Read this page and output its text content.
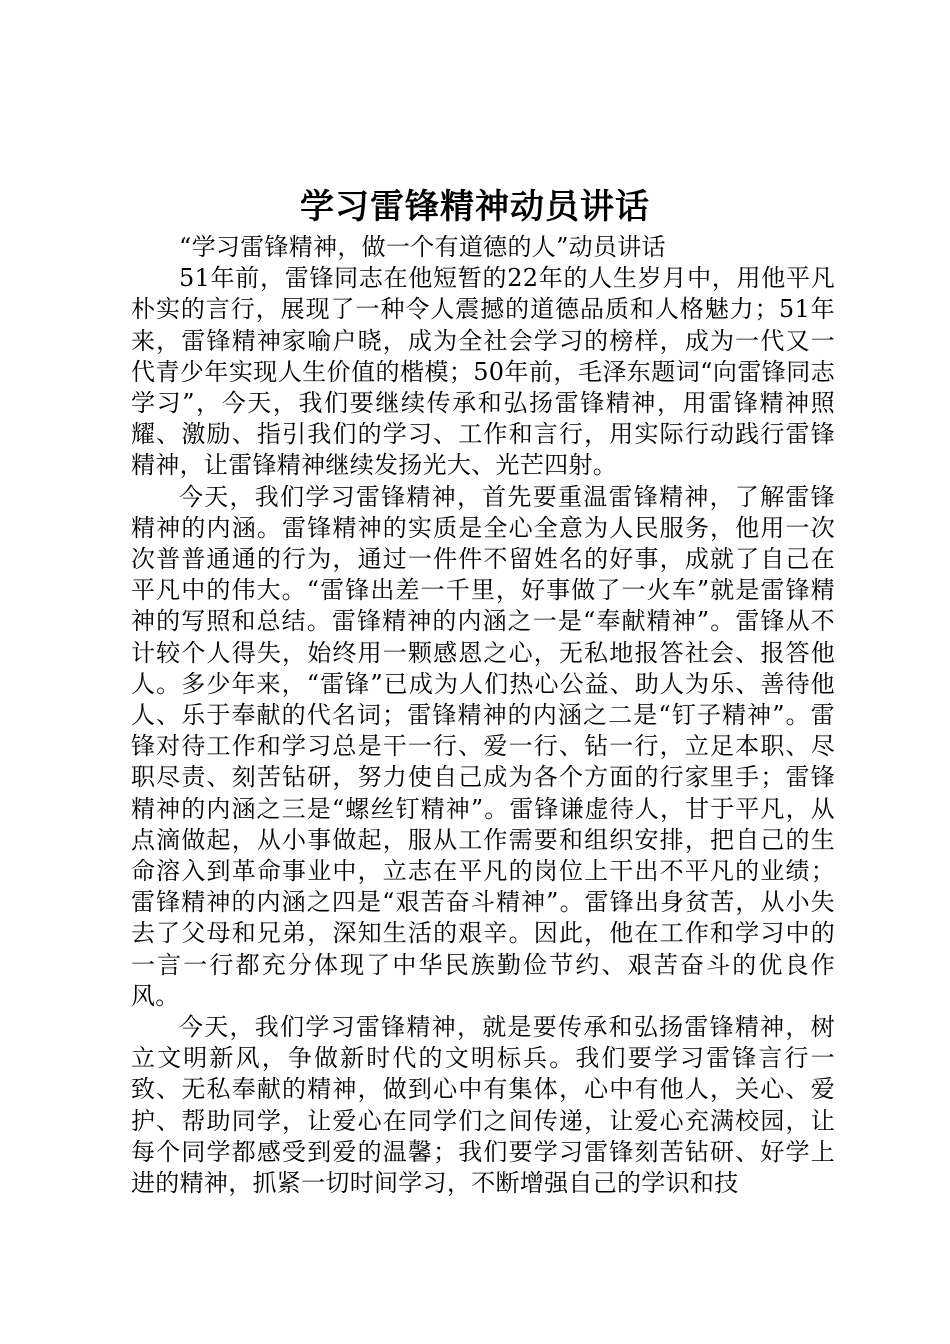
学习雷锋精神动员讲话

“学习雷锋精神，做一个有道德的人”动员讲话

51年前，雷锋同志在他短暂的22年的人生岁月中，用他平凡朴实的言行，展现了一种令人震撼的道德品质和人格魅力；51年来，雷锋精神家喻户晓，成为全社会学习的榜样，成为一代又一代青少年实现人生价值的楷模；50年前，毛泽东题词“向雷锋同志学习”，今天，我们要继续传承和弘扬雷锋精神，用雷锋精神照耀、激励、指引我们的学习、工作和言行，用实际行动践行雷锋精神，让雷锋精神继续发扬光大、光芒四射。

今天，我们学习雷锋精神，首先要重温雷锋精神，了解雷锋精神的内涵。雷锋精神的实质是全心全意为人民服务，他用一次次普普通通的行为，通过一件件不留姓名的好事，成就了自己在平凡中的伟大。“雷锋出差一千里，好事做了一火车”就是雷锋精神的写照和总结。雷锋精神的内涵之一是“奉献精神”。雷锋从不计较个人得失，始终用一颗感恩之心，无私地报答社会、报答他人。多少年来，“雷锋”已成为人们热心公益、助人为乐、善待他人、乐于奉献的代名词；雷锋精神的内涵之二是“钉子精神”。雷锋对待工作和学习总是干一行、爱一行、钻一行，立足本职、尽职尽责、刻苦钻研，努力使自己成为各个方面的行家里手；雷锋精神的内涵之三是“螺丝钉精神”。雷锋谦虚待人，甘于平凡，从点滴做起，从小事做起，服从工作需要和组织安排，把自己的生命溶入到革命事业中，立志在平凡的岗位上干出不平凡的业绩；雷锋精神的内涵之四是“艰苦奋斗精神”。雷锋出身贫苦，从小失去了父母和兄弟，深知生活的艰辛。因此，他在工作和学习中的一言一行都充分体现了中华民族勤俭节约、艰苦奋斗的优良作风。

今天，我们学习雷锋精神，就是要传承和弘扬雷锋精神，树立文明新风，争做新时代的文明标兵。我们要学习雷锋言行一致、无私奉献的精神，做到心中有集体，心中有他人，关心、爱护、帮助同学，让爱心在同学们之间传递，让爱心充满校园，让每个同学都感受到爱的温馨；我们要学习雷锋刻苦钻研、好学上进的精神，抓紧一切时间学习，不断增强自己的学识和技
